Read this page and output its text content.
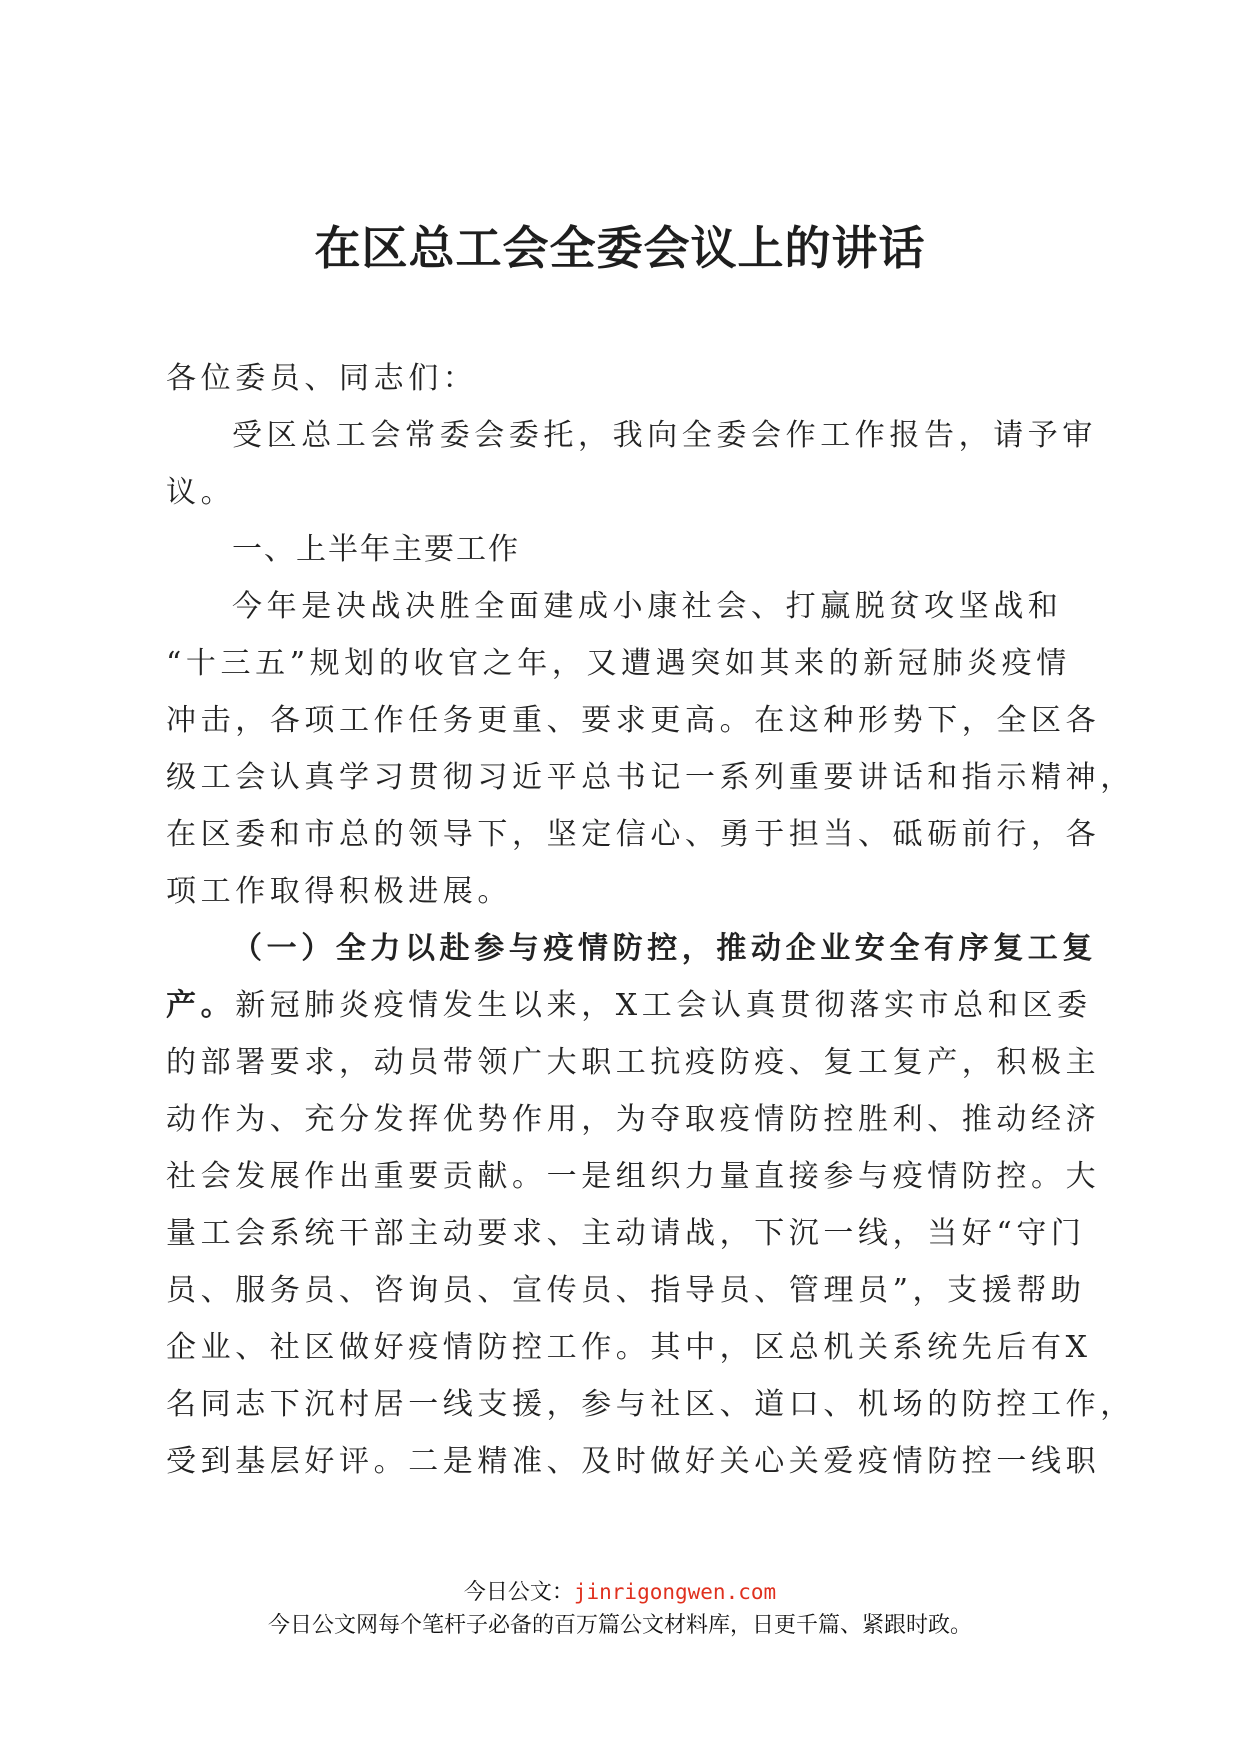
在区总工会全委会议上的讲话
各位委员、同志们：
受区总工会常委会委托，我向全委会作工作报告，请予审
议。
一、上半年主要工作
今年是决战决胜全面建成小康社会、打赢脱贫攻坚战和
“十三五”规划的收官之年，又遭遇突如其来的新冠肺炎疫情
冲击，各项工作任务更重、要求更高。在这种形势下，全区各
级工会认真学习贯彻习近平总书记一系列重要讲话和指示精神，
在区委和市总的领导下，坚定信心、勇于担当、砥砺前行，各
项工作取得积极进展。
（一）全力以赴参与疫情防控，推动企业安全有序复工复
产。新冠肺炎疫情发生以来，X工会认真贯彻落实市总和区委
的部署要求，动员带领广大职工抗疫防疫、复工复产，积极主
动作为、充分发挥优势作用，为夺取疫情防控胜利、推动经济
社会发展作出重要贡献。一是组织力量直接参与疫情防控。大
量工会系统干部主动要求、主动请战，下沉一线，当好“守门
员、服务员、咨询员、宣传员、指导员、管理员”，支援帮助
企业、社区做好疫情防控工作。其中，区总机关系统先后有X
名同志下沉村居一线支援，参与社区、道口、机场的防控工作，
受到基层好评。二是精准、及时做好关心关爱疫情防控一线职
今日公文：jinrigongwen.com
今日公文网每个笔杆子必备的百万篇公文材料库，日更千篇、紧跟时政。
